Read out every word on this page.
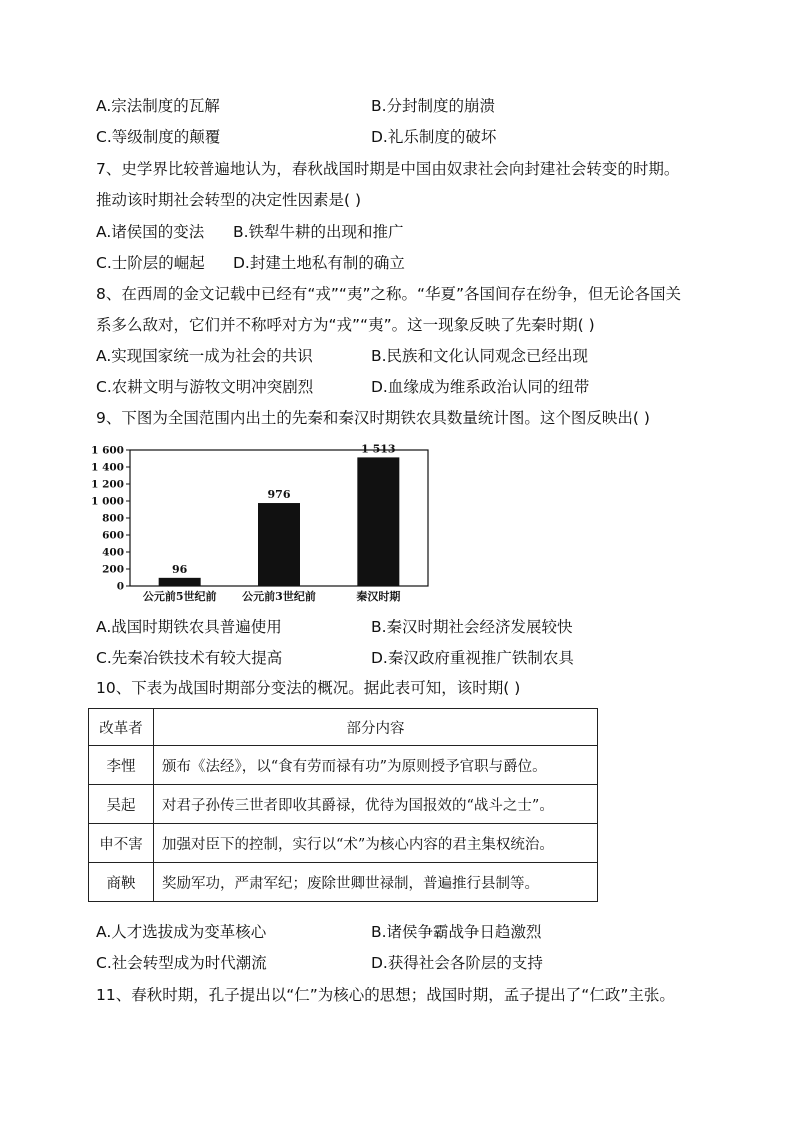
A.宗法制度的瓦解	B.分封制度的崩溃
C.等级制度的颠覆	D.礼乐制度的破坏
7、史学界比较普遍地认为，春秋战国时期是中国由奴隶社会向封建社会转变的时期。
推动该时期社会转型的决定性因素是( )
A.诸侯国的变法 B.铁犁牛耕的出现和推广
C.士阶层的崛起 D.封建土地私有制的确立
8、在西周的金文记载中已经有“戎”“夷”之称。“华夏”各国间存在纷争，但无论各国关
系多么敌对，它们并不称呼对方为“戎”“夷”。这一现象反映了先秦时期( )
A.实现国家统一成为社会的共识	B.民族和文化认同观念已经出现
C.农耕文明与游牧文明冲突剧烈	D.血缘成为维系政治认同的纽带
9、下图为全国范围内出土的先秦和秦汉时期铁农具数量统计图。这个图反映出( )
0
200
400
600
800
1 000
1 200
1 400
1 600
96
公元前5世纪前
976
公元前3世纪前
1 513
秦汉时期
A.战国时期铁农具普遍使用	B.秦汉时期社会经济发展较快
C.先秦冶铁技术有较大提高	D.秦汉政府重视推广铁制农具
10、下表为战国时期部分变法的概况。据此表可知，该时期( )
改革者	部分内容
李悝	颁布《法经》，以“食有劳而禄有功”为原则授予官职与爵位。
吴起	对君子孙传三世者即收其爵禄，优待为国报效的“战斗之士”。
申不害	加强对臣下的控制，实行以“术”为核心内容的君主集权统治。
商鞅	奖励军功，严肃军纪；废除世卿世禄制，普遍推行县制等。
A.人才选拔成为变革核心	B.诸侯争霸战争日趋激烈
C.社会转型成为时代潮流	D.获得社会各阶层的支持
11、春秋时期，孔子提出以“仁”为核心的思想；战国时期，孟子提出了“仁政”主张。
